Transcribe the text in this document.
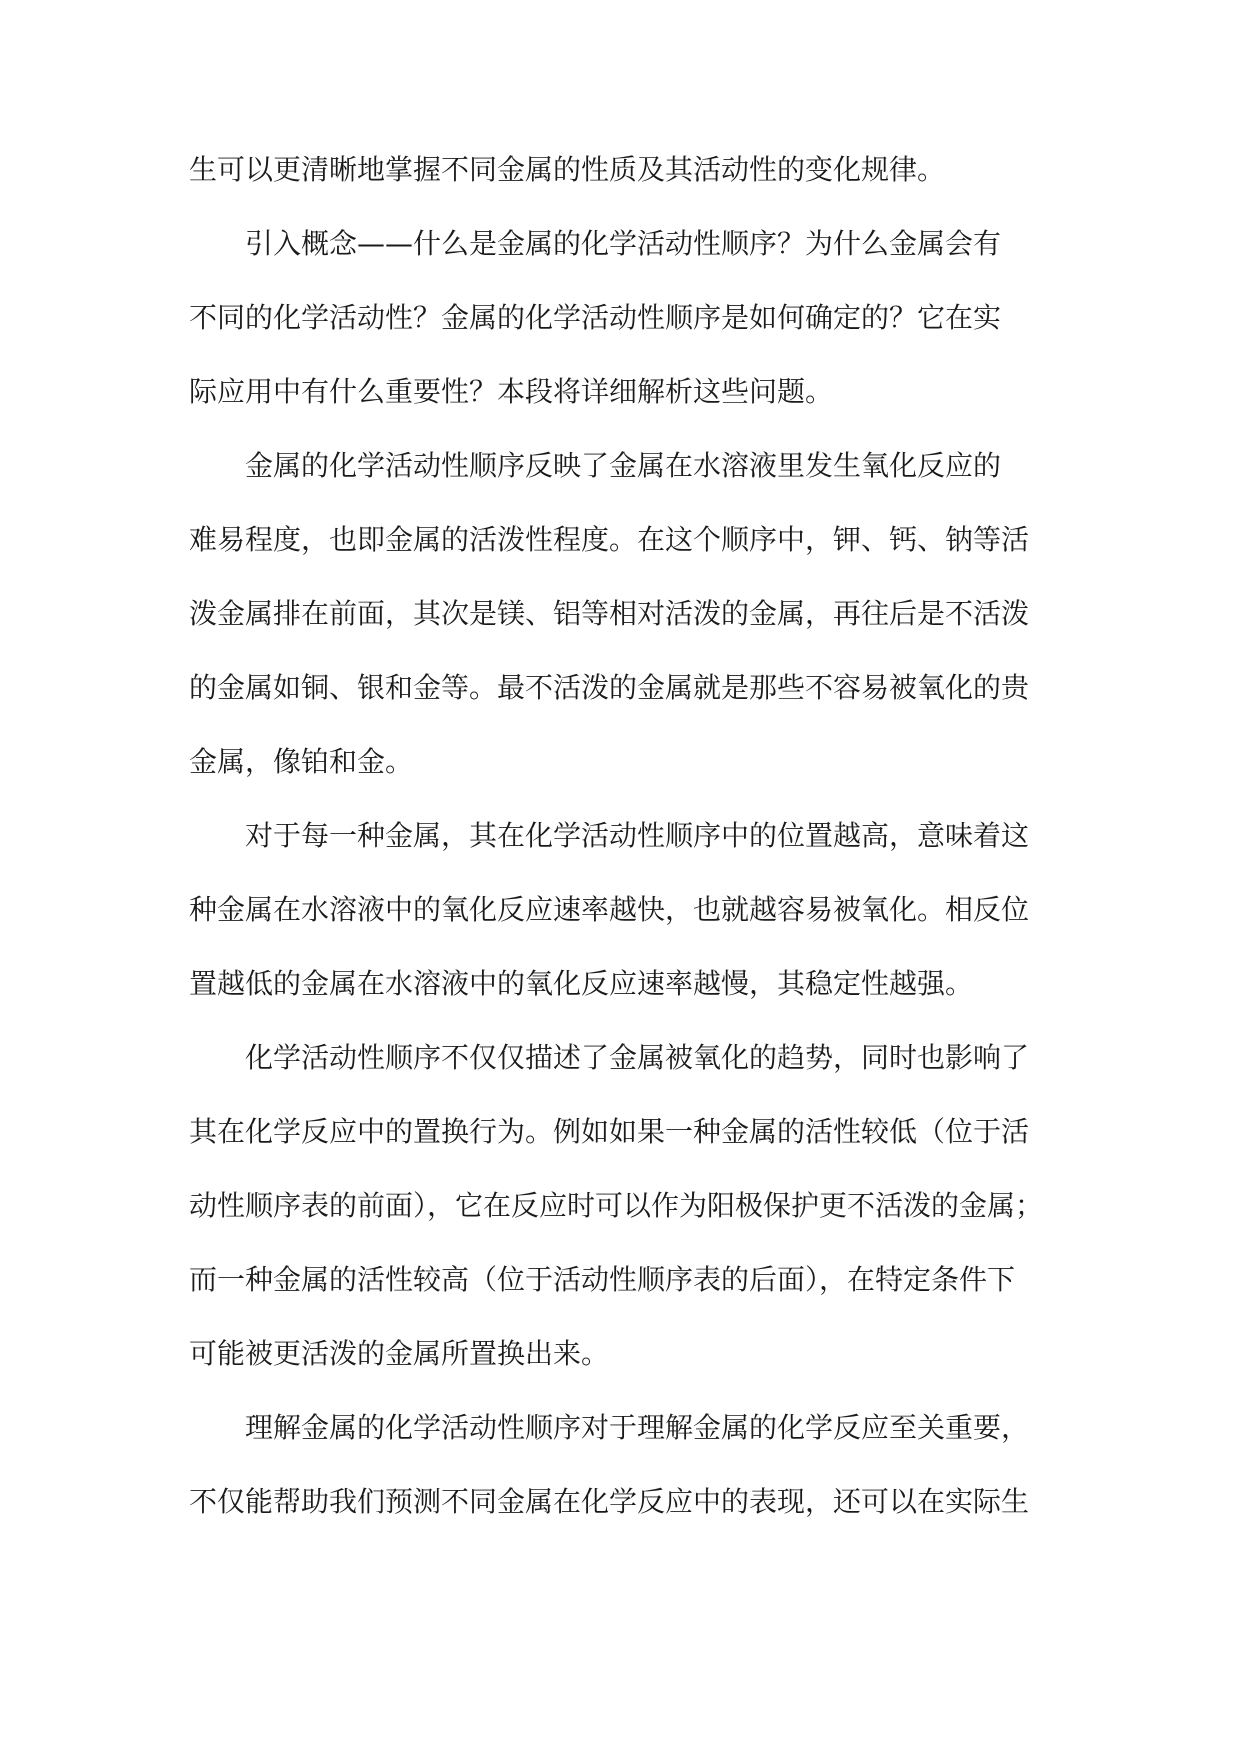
生可以更清晰地掌握不同金属的性质及其活动性的变化规律。
引入概念——什么是金属的化学活动性顺序？为什么金属会有
不同的化学活动性？金属的化学活动性顺序是如何确定的？它在实
际应用中有什么重要性？本段将详细解析这些问题。
金属的化学活动性顺序反映了金属在水溶液里发生氧化反应的
难易程度，也即金属的活泼性程度。在这个顺序中，钾、钙、钠等活
泼金属排在前面，其次是镁、铝等相对活泼的金属，再往后是不活泼
的金属如铜、银和金等。最不活泼的金属就是那些不容易被氧化的贵
金属，像铂和金。
对于每一种金属，其在化学活动性顺序中的位置越高，意味着这
种金属在水溶液中的氧化反应速率越快，也就越容易被氧化。相反位
置越低的金属在水溶液中的氧化反应速率越慢，其稳定性越强。
化学活动性顺序不仅仅描述了金属被氧化的趋势，同时也影响了
其在化学反应中的置换行为。例如如果一种金属的活性较低（位于活
动性顺序表的前面），它在反应时可以作为阳极保护更不活泼的金属；
而一种金属的活性较高（位于活动性顺序表的后面），在特定条件下
可能被更活泼的金属所置换出来。
理解金属的化学活动性顺序对于理解金属的化学反应至关重要，
不仅能帮助我们预测不同金属在化学反应中的表现，还可以在实际生
